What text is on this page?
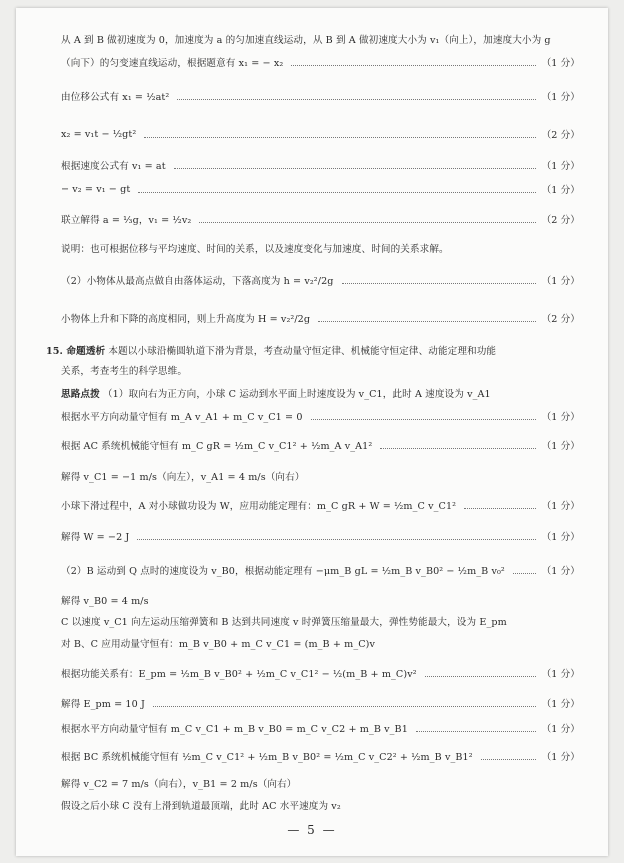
从 A 到 B 做初速度为 0，加速度为 a 的匀加速直线运动，从 B 到 A 做初速度大小为 v₁（向上），加速度大小为 g
（向下）的匀变速直线运动，根据题意有 x₁ = − x₂	（1 分）
由位移公式有 x₁ = ½at²	（1 分）
x₂ = v₁t − ½gt²	（2 分）
根据速度公式有 v₁ = at	（1 分）
− v₂ = v₁ − gt	（1 分）
联立解得 a = ⅓g，v₁ = ½v₂	（2 分）
说明：也可根据位移与平均速度、时间的关系，以及速度变化与加速度、时间的关系求解。
（2）小物体从最高点做自由落体运动，下落高度为 h = v₂²/2g	（1 分）
小物体上升和下降的高度相同，则上升高度为 H = v₂²/2g	（2 分）
15. 命题透析 本题以小球沿椭圆轨道下滑为背景，考查动量守恒定律、机械能守恒定律、动能定理和功能
关系，考查考生的科学思维。
思路点拨 （1）取向右为正方向，小球 C 运动到水平面上时速度设为 v_C1，此时 A 速度设为 v_A1
根据水平方向动量守恒有 m_A v_A1 + m_C v_C1 = 0	（1 分）
根据 AC 系统机械能守恒有 m_C gR = ½m_C v_C1² + ½m_A v_A1²	（1 分）
解得 v_C1 = −1 m/s（向左），v_A1 = 4 m/s（向右）
小球下滑过程中，A 对小球做功设为 W，应用动能定理有：m_C gR + W = ½m_C v_C1²	（1 分）
解得 W = −2 J	（1 分）
（2）B 运动到 Q 点时的速度设为 v_B0，根据动能定理有 −μm_B gL = ½m_B v_B0² − ½m_B v₀²	（1 分）
解得 v_B0 = 4 m/s
C 以速度 v_C1 向左运动压缩弹簧和 B 达到共同速度 v 时弹簧压缩量最大，弹性势能最大，设为 E_pm
对 B、C 应用动量守恒有：m_B v_B0 + m_C v_C1 = (m_B + m_C)v
根据功能关系有：E_pm = ½m_B v_B0² + ½m_C v_C1² − ½(m_B + m_C)v²	（1 分）
解得 E_pm = 10 J	（1 分）
根据水平方向动量守恒有 m_C v_C1 + m_B v_B0 = m_C v_C2 + m_B v_B1	（1 分）
根据 BC 系统机械能守恒有 ½m_C v_C1² + ½m_B v_B0² = ½m_C v_C2² + ½m_B v_B1²	（1 分）
解得 v_C2 = 7 m/s（向右），v_B1 = 2 m/s（向右）
假设之后小球 C 没有上滑到轨道最顶端，此时 AC 水平速度为 v₂
— 5 —
